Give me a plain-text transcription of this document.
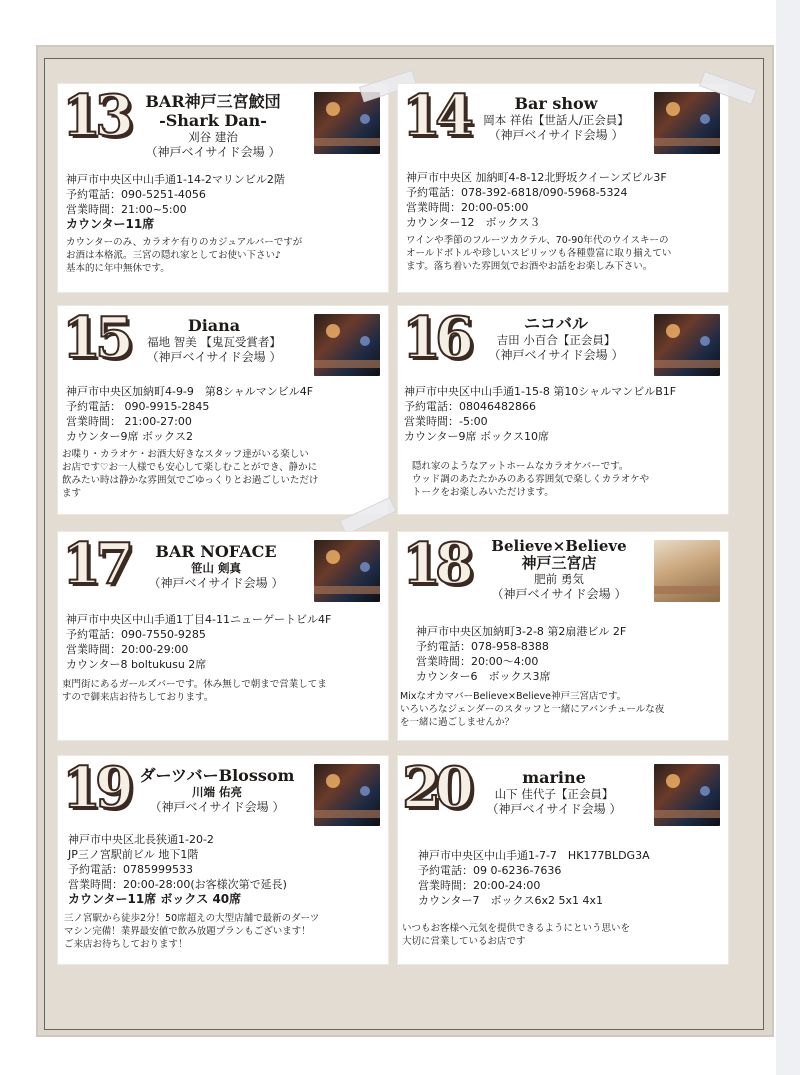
13	BAR神戸三宮鮫団
-Shark Dan-
刈谷 建治
（神戸ベイサイド会場 ）
神戸市中央区中山手通1-14-2マリンビル2階
予約電話：090-5251-4056
営業時間：21:00~5:00
カウンター11席
カウンターのみ、カラオケ有りのカジュアルバーですが
お酒は本格派。三宮の隠れ家としてお使い下さい♪
基本的に年中無休です。
14	Bar show
岡本 祥佑【世話人/正会員】
（神戸ベイサイド会場 ）
神戸市中央区 加納町4-8-12北野坂クイーンズビル3F
予約電話：078-392-6818/090-5968-5324
営業時間：20:00-05:00
カウンター12　ボックス３
ワインや季節のフルーツカクテル、70-90年代のウイスキーの
オールドボトルや珍しいスピリッツも各種豊富に取り揃えてい
ます。落ち着いた雰囲気でお酒やお話をお楽しみ下さい。
15	Diana
福地 智美 【鬼瓦受賞者】
（神戸ベイサイド会場 ）
神戸市中央区加納町4-9-9　第8シャルマンビル4F
予約電話： 090-9915-2845
営業時間： 21:00-27:00
カウンター9席 ボックス2
お喋り・カラオケ・お酒大好きなスタッフ達がいる楽しい
お店です♡お一人様でも安心して楽しむことができ、静かに
飲みたい時は静かな雰囲気でごゆっくりとお過ごしいただけ
ます
16	ニコバル
吉田 小百合【正会員】
（神戸ベイサイド会場 ）
神戸市中央区中山手通1-15-8 第10シャルマンビルB1F
予約電話：08046482866
営業時間：-5:00
カウンター9席 ボックス10席
隠れ家のようなアットホームなカラオケバーです。
ウッド調のあたたかみのある雰囲気で楽しくカラオケや
トークをお楽しみいただけます。
17	BAR NOFACE
笹山 剣真
（神戸ベイサイド会場 ）
神戸市中央区中山手通1丁目4-11ニューゲートビル4F
予約電話：090-7550-9285
営業時間：20:00-29:00
カウンター8 boltukusu 2席
東門街にあるガールズバーです。休み無しで朝まで営業してま
すので御来店お待ちしております。
18	Believe×Believe
神戸三宮店
肥前 勇気
（神戸ベイサイド会場 ）
神戸市中央区加納町3-2-8 第2扇港ビル 2F
予約電話：078-958-8388
営業時間：20:00〜4:00
カウンター6　ボックス3席
MixなオカマバーBelieve×Believe神戸三宮店です。
いろいろなジェンダーのスタッフと一緒にアバンチュールな夜
を一緒に過ごしませんか？
19 ダーツバーBlossom
川端 佑亮
（神戸ベイサイド会場 ）
神戸市中央区北長狭通1-20-2
JP三ノ宮駅前ビル 地下1階
予約電話：0785999533
営業時間：20:00-28:00(お客様次第で延長)
カウンター11席 ボックス 40席
三ノ宮駅から徒歩2分！50席超えの大型店舗で最新のダーツ
マシン完備！業界最安値で飲み放題プランもございます！
ご来店お待ちしております！
20	marine
山下 佳代子【正会員】
（神戸ベイサイド会場 ）
神戸市中央区中山手通1-7-7　HK177BLDG3A
予約電話：09 0-6236-7636
営業時間：20:00-24:00
カウンター7　ボックス6x2 5x1 4x1
いつもお客様へ元気を提供できるようにという思いを
大切に営業しているお店です
